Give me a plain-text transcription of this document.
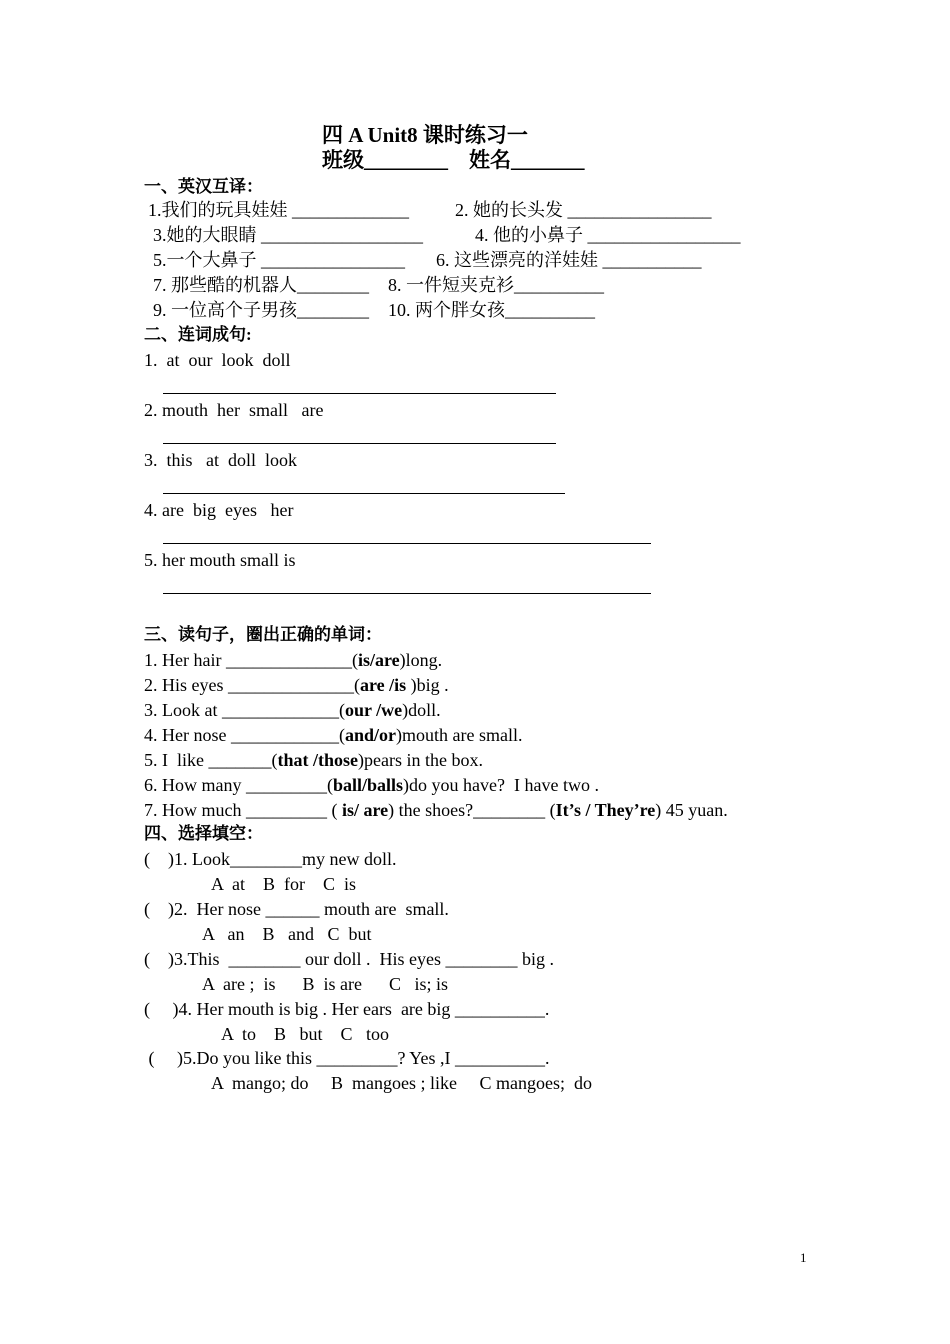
四 A Unit8 课时练习一
班级________    姓名_______
一、英汉互译：
1.我们的玩具娃娃 _____________	2. 她的长头发 ________________
3.她的大眼睛 __________________	4. 他的小鼻子 _________________
5.一个大鼻子 ________________ 6. 这些漂亮的洋娃娃 ___________
7. 那些酷的机器人________ 8. 一件短夹克衫__________
9. 一位高个子男孩________ 10. 两个胖女孩__________
二、连词成句:
1.  at  our  look  doll
2. mouth  her  small   are
3.  this   at  doll  look
4. are  big  eyes   her
5. her mouth small is
三、读句子，圈出正确的单词：
1. Her hair ______________(is/are)long.
2. His eyes ______________(are /is )big .
3. Look at _____________(our /we)doll.
4. Her nose ____________(and/or)mouth are small.
5. I  like _______(that /those)pears in the box.
6. How many _________(ball/balls)do you have?  I have two .
7. How much _________ ( is/ are) the shoes?________ (It’s / They’re) 45 yuan.
四、选择填空：
(    )1. Look________my new doll.
A  at    B  for    C  is
(    )2.  Her nose ______ mouth are  small.
A   an    B   and   C  but
(    )3.This  ________ our doll .  His eyes ________ big .
A  are ;  is      B  is are      C   is; is
(     )4. Her mouth is big . Her ears  are big __________.
A  to    B   but    C   too
(     )5.Do you like this _________? Yes ,I __________.
A  mango; do     B  mangoes ; like     C mangoes;  do
1
